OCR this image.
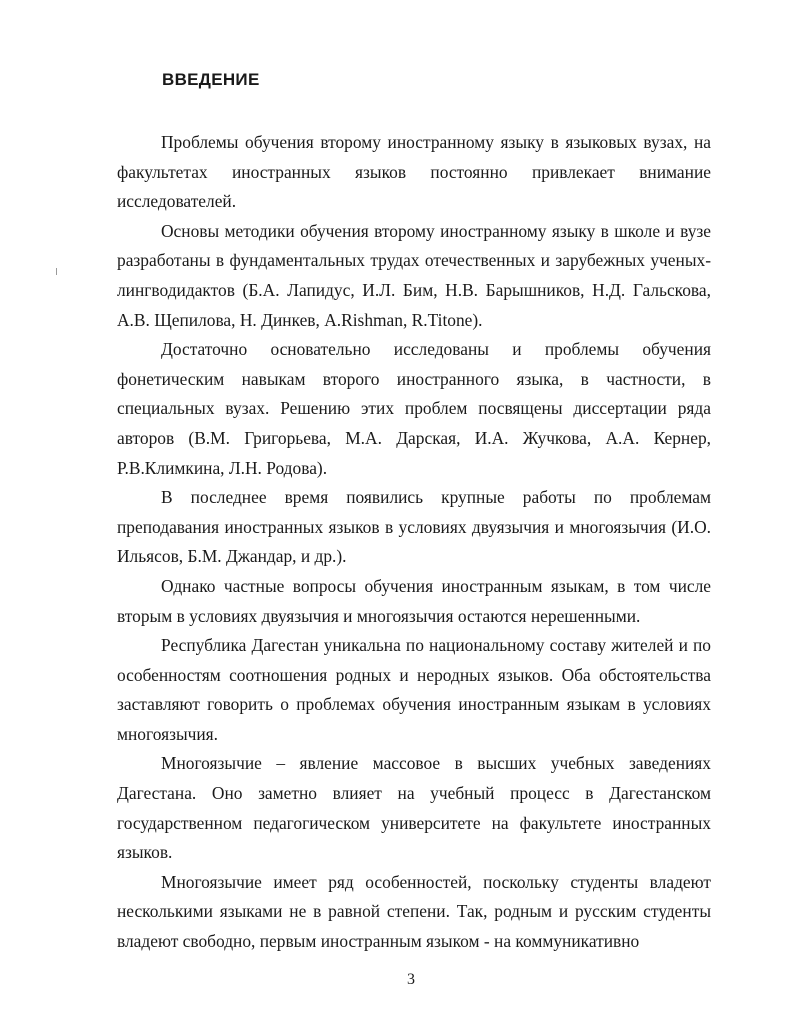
ВВЕДЕНИЕ

Проблемы обучения второму иностранному языку в языковых вузах, на факультетах иностранных языков постоянно привлекает внимание исследователей.

Основы методики обучения второму иностранному языку в школе и вузе разработаны в фундаментальных трудах отечественных и зарубежных ученых-лингводидактов (Б.А. Лапидус, И.Л. Бим, Н.В. Барышников, Н.Д. Гальскова, А.В. Щепилова, Н. Динкев, A.Rishman, R.Titone).

Достаточно основательно исследованы и проблемы обучения фонетическим навыкам второго иностранного языка, в частности, в специальных вузах. Решению этих проблем посвящены диссертации ряда авторов (В.М. Григорьева, М.А. Дарская, И.А. Жучкова, А.А. Кернер, Р.В.Климкина, Л.Н. Родова).

В последнее время появились крупные работы по проблемам преподавания иностранных языков в условиях двуязычия и многоязычия (И.О. Ильясов, Б.М. Джандар, и др.).

Однако частные вопросы обучения иностранным языкам, в том числе вторым в условиях двуязычия и многоязычия остаются нерешенными.

Республика Дагестан уникальна по национальному составу жителей и по особенностям соотношения родных и неродных языков. Оба обстоятельства заставляют говорить о проблемах обучения иностранным языкам в условиях многоязычия.

Многоязычие – явление массовое в высших учебных заведениях Дагестана. Оно заметно влияет на учебный процесс в Дагестанском государственном педагогическом университете на факультете иностранных языков.

Многоязычие имеет ряд особенностей, поскольку студенты владеют несколькими языками не в равной степени. Так, родным и русским студенты владеют свободно, первым иностранным языком - на коммуникативно

3
